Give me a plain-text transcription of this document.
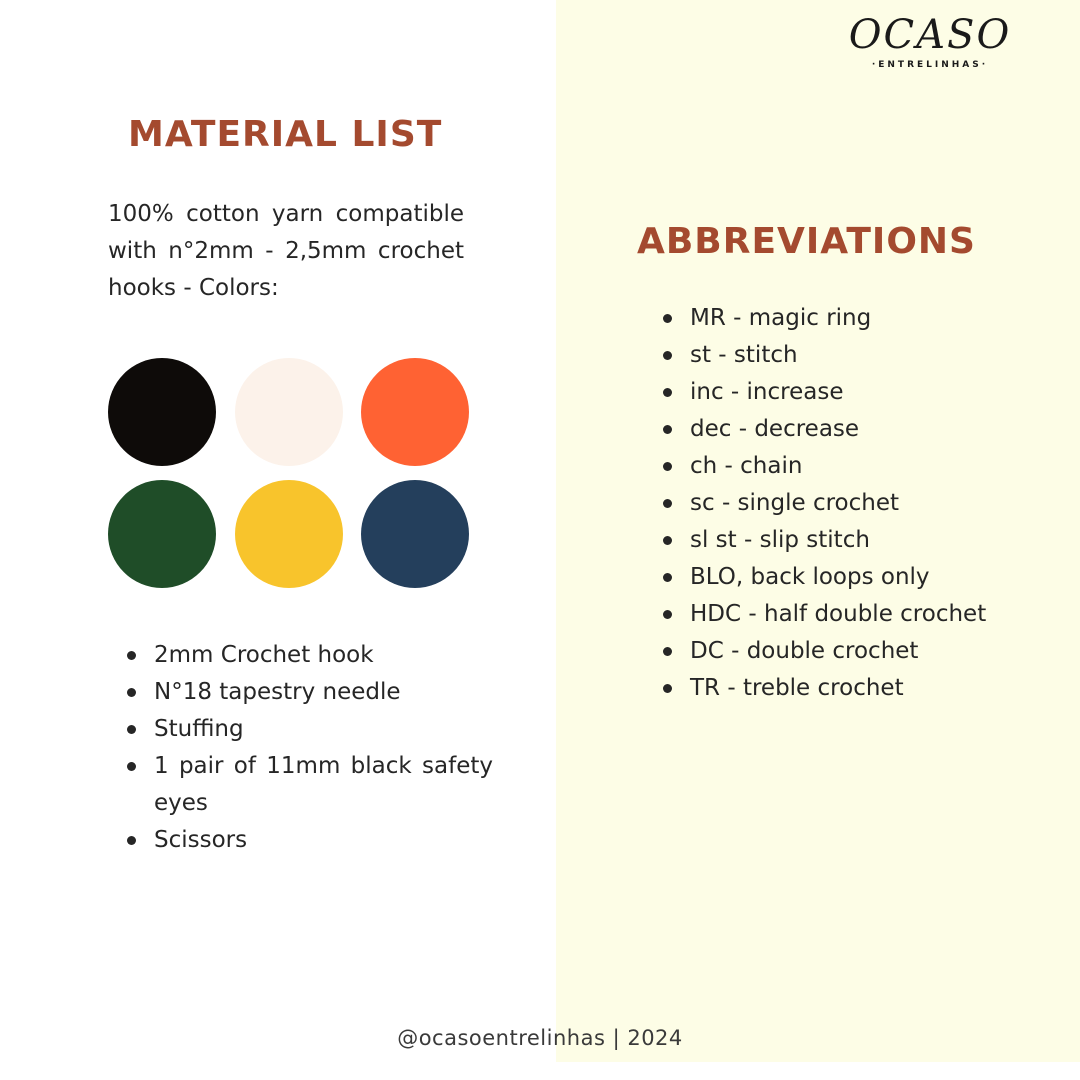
OCASO
·ENTRELINHAS·
MATERIAL LIST
100% cotton yarn compatible with n°2mm - 2,5mm crochet hooks - Colors:
2mm Crochet hook
N°18 tapestry needle
Stuffing
1 pair of 11mm black safety eyes
Scissors
ABBREVIATIONS
MR - magic ring
st - stitch
inc - increase
dec - decrease
ch - chain
sc - single crochet
sl st - slip stitch
BLO, back loops only
HDC - half double crochet
DC - double crochet
TR - treble crochet
@ocasoentrelinhas | 2024
